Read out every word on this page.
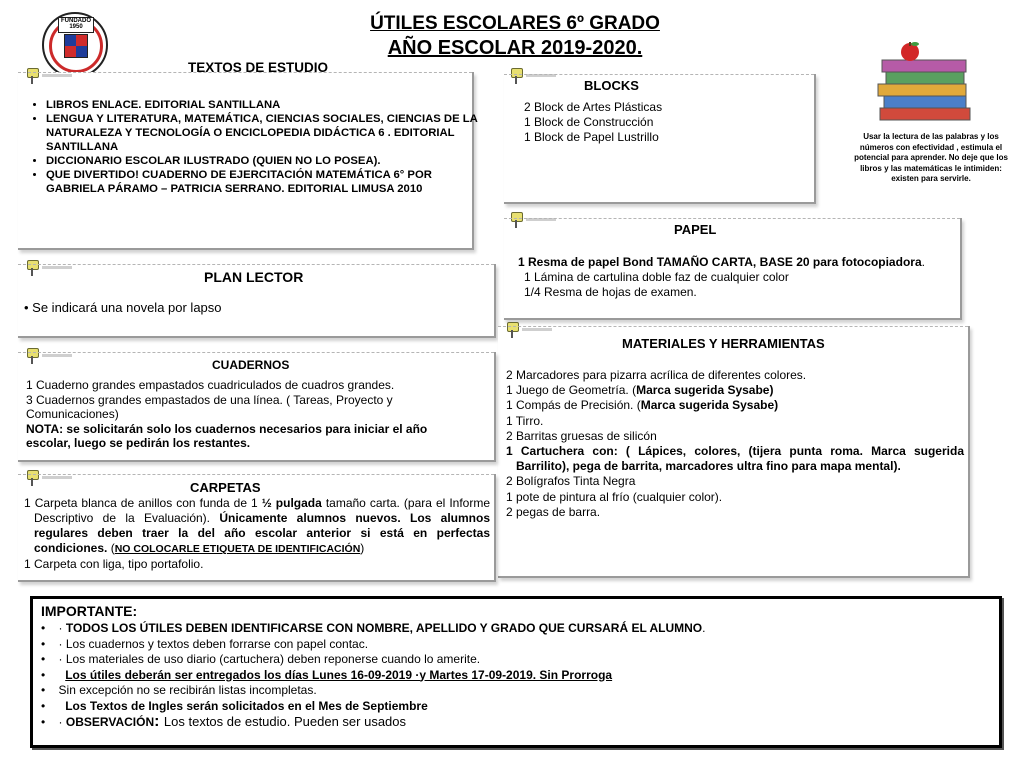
FUNDADO 1950	ÚTILES ESCOLARES 6º GRADO
AÑO ESCOLAR 2019-2020.
TEXTOS DE ESTUDIO
• LIBROS ENLACE. EDITORIAL SANTILLANA
• LENGUA Y LITERATURA, MATEMÁTICA, CIENCIAS SOCIALES, CIENCIAS DE LA NATURALEZA Y TECNOLOGÍA O ENCICLOPEDIA DIDÁCTICA 6 . EDITORIAL SANTILLANA
• DICCIONARIO ESCOLAR ILUSTRADO (QUIEN NO LO POSEA).
• QUE DIVERTIDO! CUADERNO DE EJERCITACIÓN MATEMÁTICA 6° POR GABRIELA PÁRAMO – PATRICIA SERRANO. EDITORIAL LIMUSA 2010
BLOCKS
2 Block de Artes Plásticas
1 Block de Construcción
1 Block de Papel Lustrillo	Usar la lectura de las palabras y los números con efectividad , estimula el potencial para aprender. No deje que los libros y las matemáticas le intimiden: existen para servirle.
PAPEL
1 Resma de papel Bond TAMAÑO CARTA, BASE 20 para fotocopiadora.
1 Lámina de cartulina doble faz de cualquier color
1/4 Resma de hojas de examen.
PLAN LECTOR
• Se indicará una novela por lapso
MATERIALES Y HERRAMIENTAS
2 Marcadores para pizarra acrílica de diferentes colores.
1 Juego de Geometría. (Marca sugerida Sysabe)
1 Compás de Precisión. (Marca sugerida Sysabe)
1 Tirro.
2 Barritas gruesas de silicón
1 Cartuchera con: ( Lápices, colores, (tijera punta roma. Marca sugerida Barrilito), pega de barrita, marcadores ultra fino para mapa mental).
2 Bolígrafos Tinta Negra
1 pote de pintura al frío (cualquier color).
2 pegas de barra.
CUADERNOS
1 Cuaderno grandes empastados cuadriculados de cuadros grandes.
3 Cuadernos grandes empastados de una línea. ( Tareas, Proyecto y Comunicaciones)
NOTA: se solicitarán solo los cuadernos necesarios para iniciar el año escolar, luego se pedirán los restantes.
CARPETAS
1 Carpeta blanca de anillos con funda de 1 ½ pulgada tamaño carta. (para el Informe Descriptivo de la Evaluación). Únicamente alumnos nuevos. Los alumnos regulares deben traer la del año escolar anterior si está en perfectas condiciones. (NO COLOCARLE ETIQUETA DE IDENTIFICACIÓN)
1 Carpeta con liga, tipo portafolio.
IMPORTANTE:
•    · TODOS LOS ÚTILES DEBEN IDENTIFICARSE CON NOMBRE, APELLIDO Y GRADO QUE CURSARÁ EL ALUMNO.
•    · Los cuadernos y textos deben forrarse con papel contac.
•    · Los materiales de uso diario (cartuchera) deben reponerse cuando lo amerite.
•      Los útiles deberán ser entregados los días Lunes 16-09-2019 ·y Martes 17-09-2019. Sin Prorroga
•    Sin excepción no se recibirán listas incompletas.
•      Los Textos de Ingles serán solicitados en el Mes de Septiembre
•    · OBSERVACIÓN: Los textos de estudio. Pueden ser usados
